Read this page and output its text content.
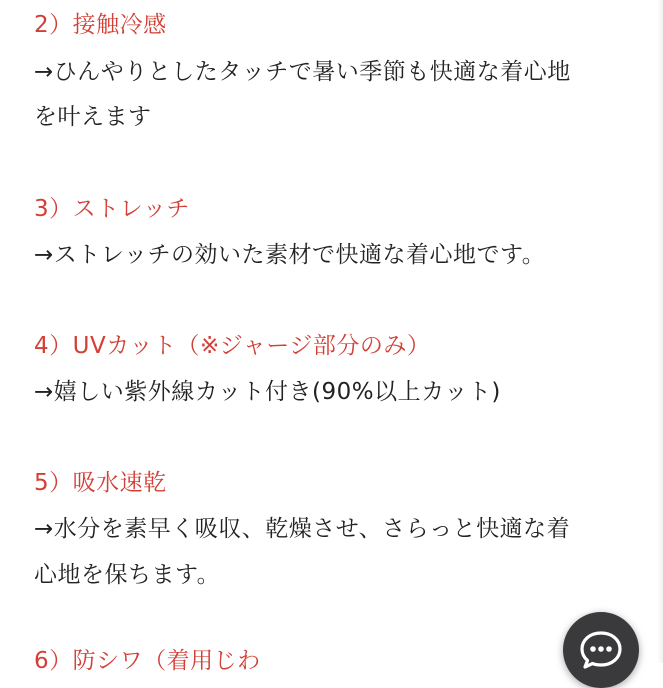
2）接触冷感
→ひんやりとしたタッチで暑い季節も快適な着心地
を叶えます
3）ストレッチ
→ストレッチの効いた素材で快適な着心地です。
4）UVカット（※ジャージ部分のみ）
→嬉しい紫外線カット付き(90%以上カット)
5）吸水速乾
→水分を素早く吸収、乾燥させ、さらっと快適な着
心地を保ちます。
6）防シワ（着用じわ
